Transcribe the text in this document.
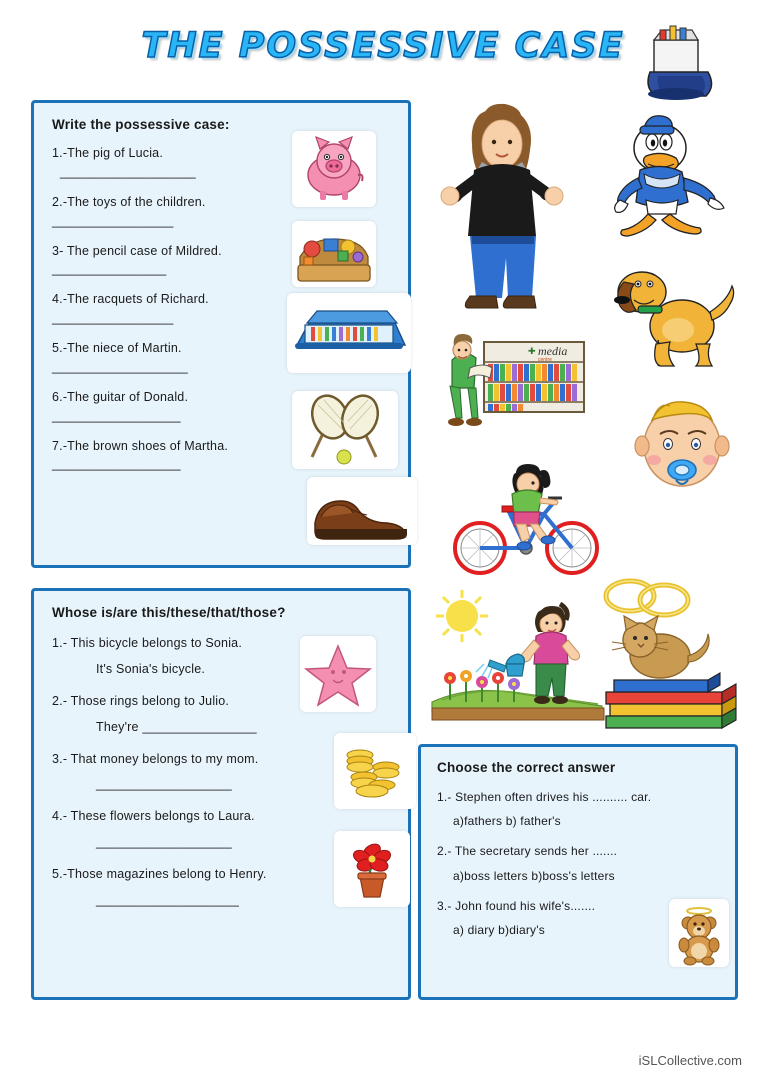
THE POSSESSIVE CASE
Write the possessive case:
1.-The pig of Lucia.
___________________
2.-The toys of the children.
_________________
3- The pencil case of Mildred.
________________
4.-The racquets of Richard.
_________________
5.-The niece of Martin.
___________________
6.-The guitar of Donald.
__________________
7.-The brown shoes of Martha.
__________________
Whose is/are this/these/that/those?
1.- This bicycle belongs to Sonia.
It's Sonia's bicycle.
2.- Those rings belong to Julio.
They're ________________
3.- That money belongs to my mom.
___________________
4.- These flowers belongs to Laura.
___________________
5.-Those magazines belong to Henry.
____________________
Choose the correct answer
1.- Stephen often drives his .......... car.
a)fathers b) father's
2.- The secretary sends her .......
a)boss letters b)boss's letters
3.- John found his wife's.......
a) diary b)diary's
✚ media
centre
iSLCollective.com
